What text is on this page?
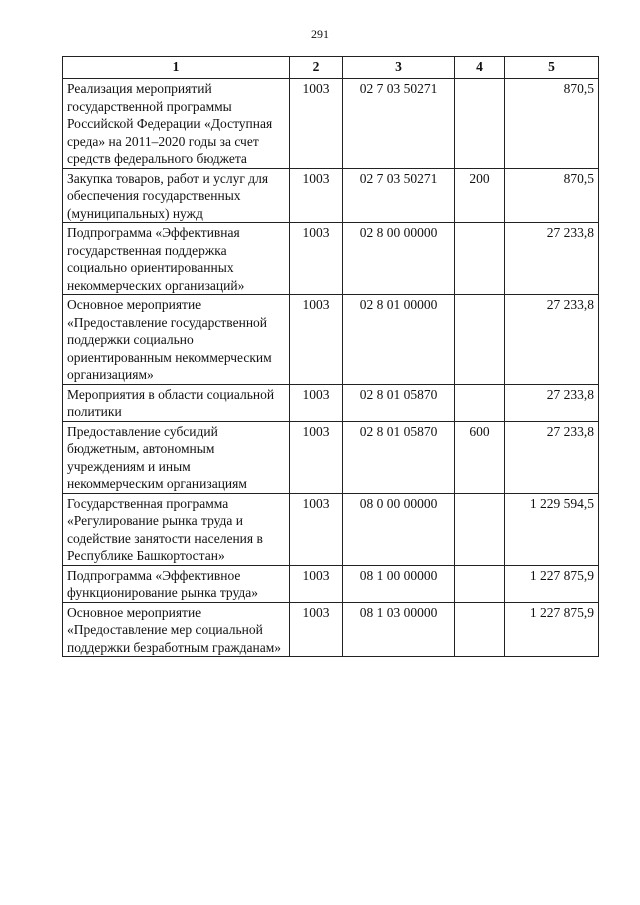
291
1	2	3	4	5
Реализация мероприятий государственной программы Российской Федерации «Доступная среда» на 2011–2020 годы за счет средств федерального бюджета	1003	02 7 03 50271		870,5
Закупка товаров, работ и услуг для обеспечения государственных (муниципальных) нужд	1003	02 7 03 50271	200	870,5
Подпрограмма «Эффективная государственная поддержка социально ориентированных некоммерческих организаций»	1003	02 8 00 00000		27 233,8
Основное мероприятие «Предоставление государственной поддержки социально ориентированным некоммерческим организациям»	1003	02 8 01 00000		27 233,8
Мероприятия в области социальной политики	1003	02 8 01 05870		27 233,8
Предоставление субсидий бюджетным, автономным учреждениям и иным некоммерческим организациям	1003	02 8 01 05870	600	27 233,8
Государственная программа «Регулирование рынка труда и содействие занятости населения в Республике Башкортостан»	1003	08 0 00 00000		1 229 594,5
Подпрограмма «Эффективное функционирование рынка труда»	1003	08 1 00 00000		1 227 875,9
Основное мероприятие «Предоставление мер социальной поддержки безработным гражданам»	1003	08 1 03 00000		1 227 875,9
